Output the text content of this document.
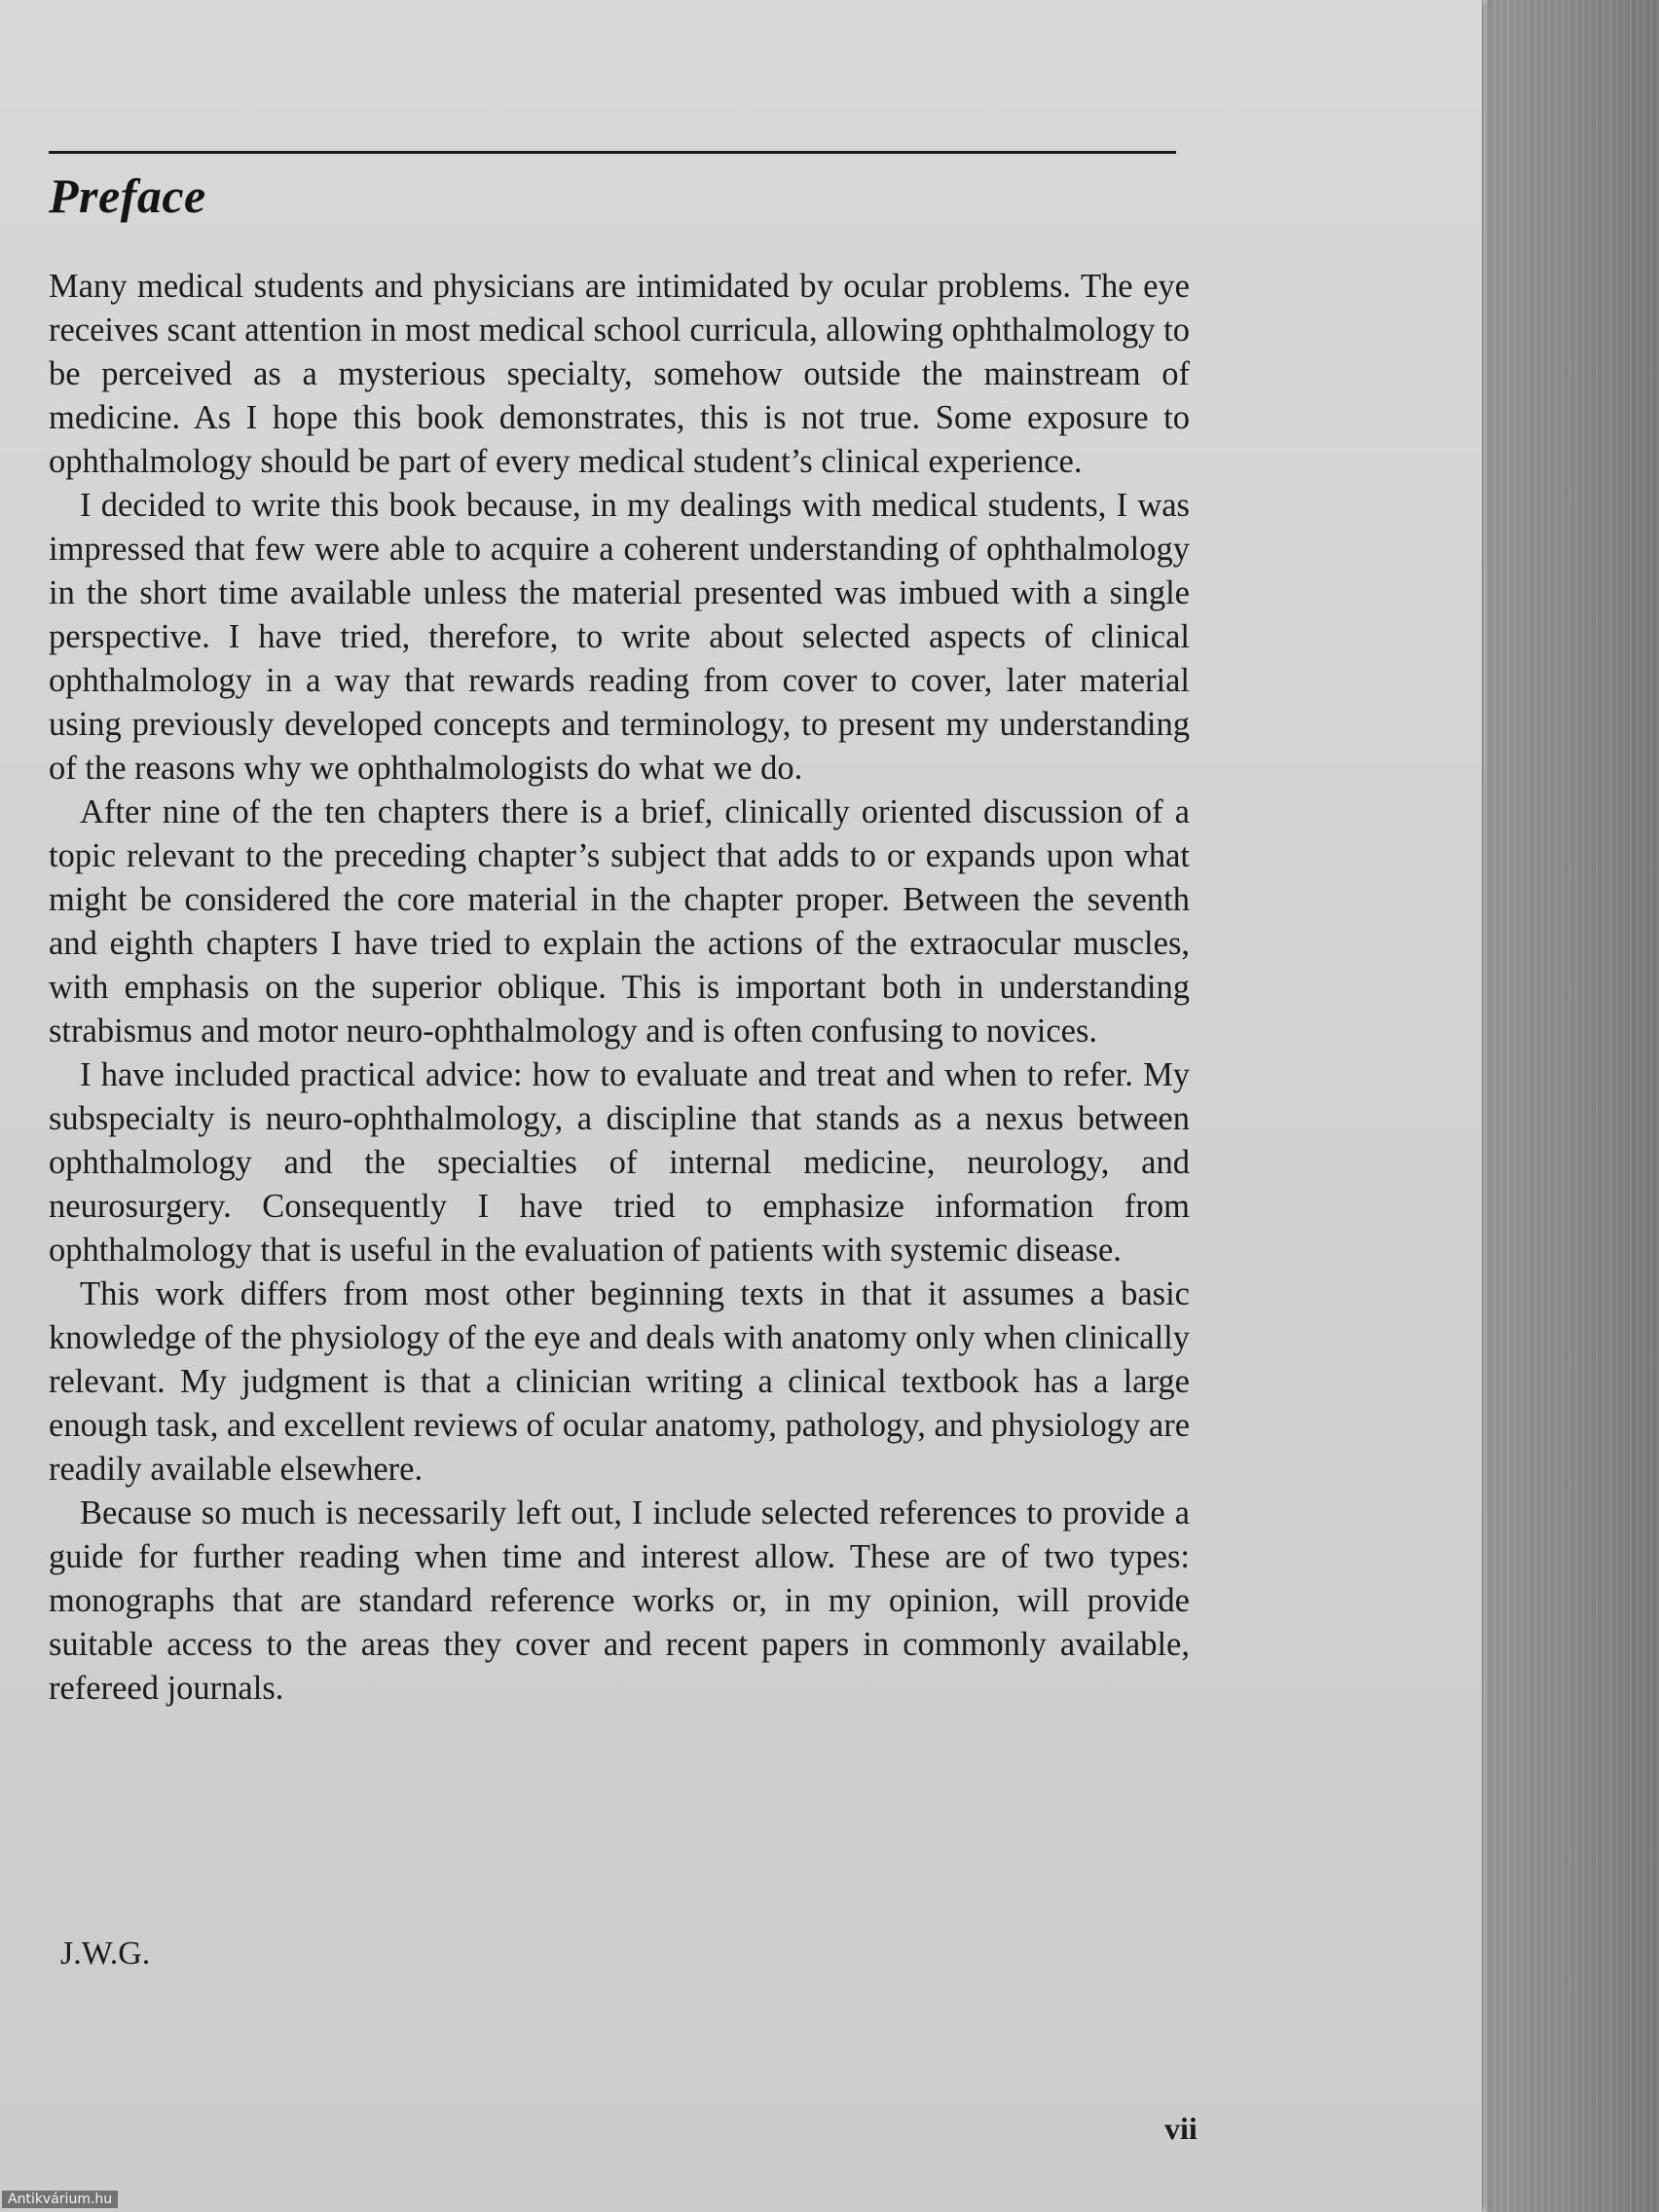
Preface

Many medical students and physicians are intimidated by ocular problems. The eye receives scant attention in most medical school curricula, allowing ophthalmology to be perceived as a mysterious specialty, somehow outside the mainstream of medicine. As I hope this book demonstrates, this is not true. Some exposure to ophthalmology should be part of every medical student’s clinical experience.

I decided to write this book because, in my dealings with medical students, I was impressed that few were able to acquire a coherent understanding of ophthalmology in the short time available unless the material presented was imbued with a single perspective. I have tried, therefore, to write about selected aspects of clinical ophthalmology in a way that rewards reading from cover to cover, later material using previously developed concepts and terminology, to present my understanding of the reasons why we ophthalmologists do what we do.

After nine of the ten chapters there is a brief, clinically oriented discussion of a topic relevant to the preceding chapter’s subject that adds to or expands upon what might be considered the core material in the chapter proper. Between the seventh and eighth chapters I have tried to explain the actions of the extraocular muscles, with emphasis on the superior oblique. This is important both in understanding strabismus and motor neuro-ophthalmology and is often confusing to novices.

I have included practical advice: how to evaluate and treat and when to refer. My subspecialty is neuro-ophthalmology, a discipline that stands as a nexus between ophthalmology and the specialties of internal medicine, neurology, and neurosurgery. Consequently I have tried to emphasize information from ophthalmology that is useful in the evaluation of patients with systemic disease.

This work differs from most other beginning texts in that it assumes a basic knowledge of the physiology of the eye and deals with anatomy only when clinically relevant. My judgment is that a clinician writing a clinical textbook has a large enough task, and excellent reviews of ocular anatomy, pathology, and physiology are readily available elsewhere.

Because so much is necessarily left out, I include selected references to provide a guide for further reading when time and interest allow. These are of two types: monographs that are standard reference works or, in my opinion, will provide suitable access to the areas they cover and recent papers in commonly available, refereed journals.

J.W.G.
vii
Antikvárium.hu
